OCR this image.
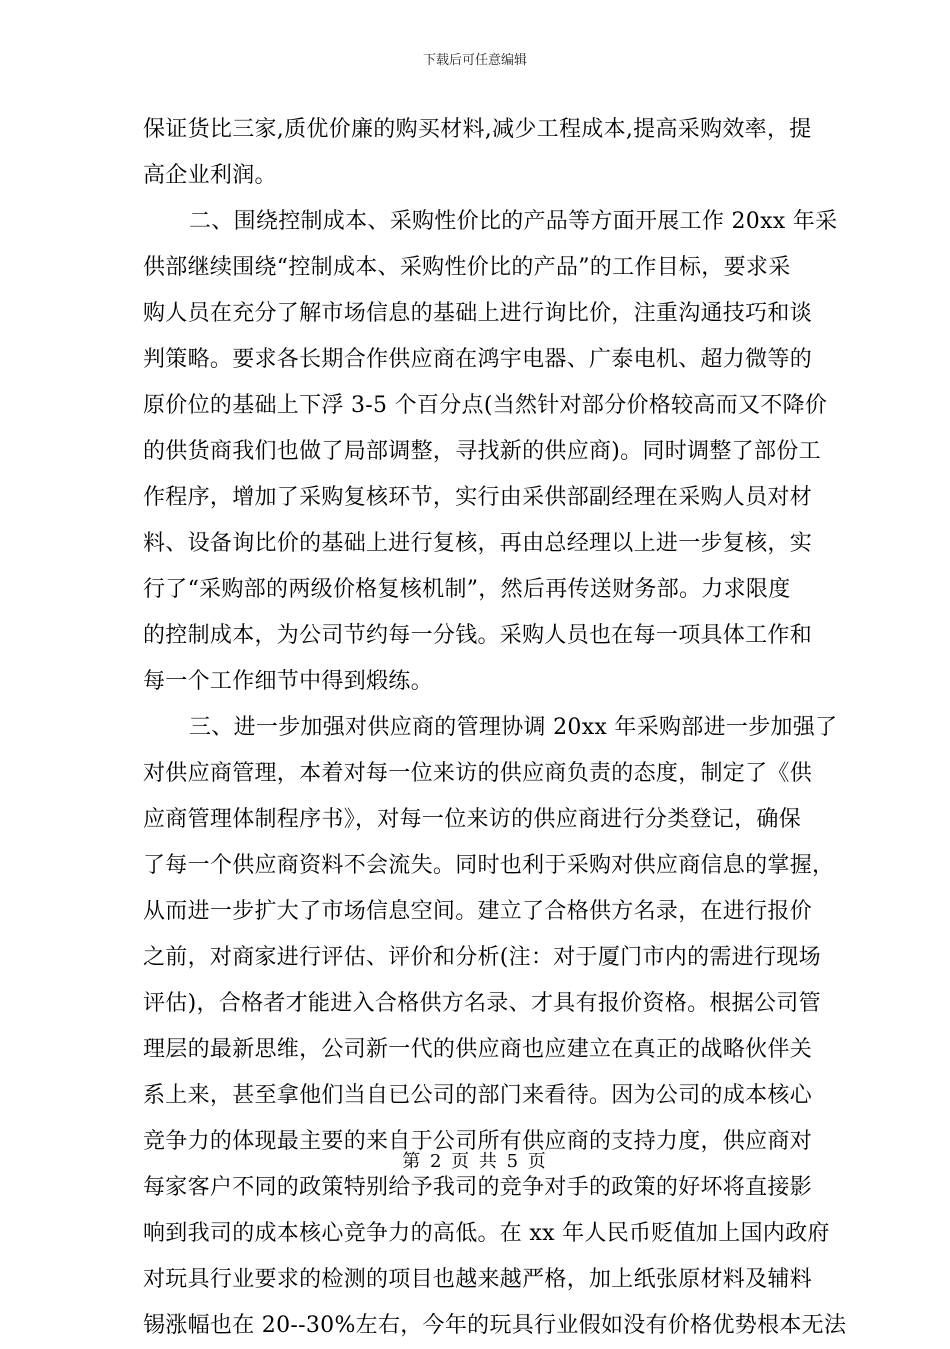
下载后可任意编辑
保证货比三家,质优价廉的购买材料,减少工程成本,提高采购效率，提
高企业利润。
二、围绕控制成本、采购性价比的产品等方面开展工作 20xx 年采
供部继续围绕“控制成本、采购性价比的产品”的工作目标，要求采
购人员在充分了解市场信息的基础上进行询比价，注重沟通技巧和谈
判策略。要求各长期合作供应商在鸿宇电器、广泰电机、超力微等的
原价位的基础上下浮 3-5 个百分点(当然针对部分价格较高而又不降价
的供货商我们也做了局部调整，寻找新的供应商)。同时调整了部份工
作程序，增加了采购复核环节，实行由采供部副经理在采购人员对材
料、设备询比价的基础上进行复核，再由总经理以上进一步复核，实
行了“采购部的两级价格复核机制”，然后再传送财务部。力求限度
的控制成本，为公司节约每一分钱。采购人员也在每一项具体工作和
每一个工作细节中得到煅练。
三、进一步加强对供应商的管理协调 20xx 年采购部进一步加强了
对供应商管理，本着对每一位来访的供应商负责的态度，制定了《供
应商管理体制程序书》，对每一位来访的供应商进行分类登记，确保
了每一个供应商资料不会流失。同时也利于采购对供应商信息的掌握，
从而进一步扩大了市场信息空间。建立了合格供方名录，在进行报价
之前，对商家进行评估、评价和分析(注：对于厦门市内的需进行现场
评估)，合格者才能进入合格供方名录、才具有报价资格。根据公司管
理层的最新思维，公司新一代的供应商也应建立在真正的战略伙伴关
系上来，甚至拿他们当自已公司的部门来看待。因为公司的成本核心
竞争力的体现最主要的来自于公司所有供应商的支持力度，供应商对
每家客户不同的政策特别给予我司的竞争对手的政策的好坏将直接影
响到我司的成本核心竞争力的高低。在 xx 年人民币贬值加上国内政府
对玩具行业要求的检测的项目也越来越严格，加上纸张原材料及辅料
锡涨幅也在 20--30%左右，今年的玩具行业假如没有价格优势根本无法
第 2 页 共 5 页
